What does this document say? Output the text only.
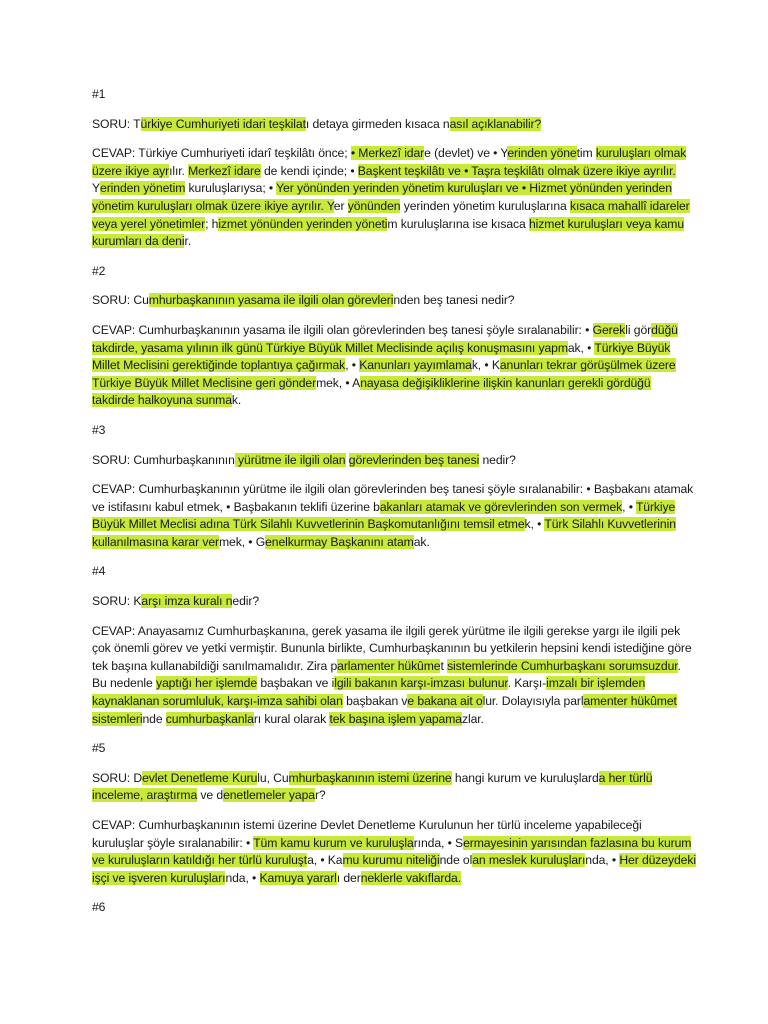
#1

SORU: Türkiye Cumhuriyeti idari teşkilatı detaya girmeden kısaca nasıl açıklanabilir?

CEVAP: Türkiye Cumhuriyeti idarî teşkilâtı önce; • Merkezî idare (devlet) ve • Yerinden yönetim kuruluşları olmak üzere ikiye ayrılır. Merkezî idare de kendi içinde; • Başkent teşkilâtı ve • Taşra teşkilâtı olmak üzere ikiye ayrılır. Yerinden yönetim kuruluşlarıysa; • Yer yönünden yerinden yönetim kuruluşları ve • Hizmet yönünden yerinden yönetim kuruluşları olmak üzere ikiye ayrılır. Yer yönünden yerinden yönetim kuruluşlarına kısaca mahallî idareler veya yerel yönetimler; hizmet yönünden yerinden yönetim kuruluşlarına ise kısaca hizmet kuruluşları veya kamu kurumları da denir.

#2

SORU: Cumhurbaşkanının yasama ile ilgili olan görevlerinden beş tanesi nedir?

CEVAP: Cumhurbaşkanının yasama ile ilgili olan görevlerinden beş tanesi şöyle sıralanabilir: • Gerekli gördüğü takdirde, yasama yılının ilk günü Türkiye Büyük Millet Meclisinde açılış konuşmasını yapmak, • Türkiye Büyük Millet Meclisini gerektiğinde toplantıya çağırmak, • Kanunları yayımlamak, • Kanunları tekrar görüşülmek üzere Türkiye Büyük Millet Meclisine geri göndermek, • Anayasa değişikliklerine ilişkin kanunları gerekli gördüğü takdirde halkoyuna sunmak.

#3

SORU: Cumhurbaşkanının yürütme ile ilgili olan görevlerinden beş tanesi nedir?

CEVAP: Cumhurbaşkanının yürütme ile ilgili olan görevlerinden beş tanesi şöyle sıralanabilir: • Başbakanı atamak ve istifasını kabul etmek, • Başbakanın teklifi üzerine bakanları atamak ve görevlerinden son vermek, • Türkiye Büyük Millet Meclisi adına Türk Silahlı Kuvvetlerinin Başkomutanlığını temsil etmek, • Türk Silahlı Kuvvetlerinin kullanılmasına karar vermek, • Genelkurmay Başkanını atamak.

#4

SORU: Karşı imza kuralı nedir?

CEVAP: Anayasamız Cumhurbaşkanına, gerek yasama ile ilgili gerek yürütme ile ilgili gerekse yargı ile ilgili pek çok önemli görev ve yetki vermiştir. Bununla birlikte, Cumhurbaşkanının bu yetkilerin hepsini kendi istediğine göre tek başına kullanabildiği sanılmamalıdır. Zira parlamenter hükûmet sistemlerinde Cumhurbaşkanı sorumsuzdur. Bu nedenle yaptığı her işlemde başbakan ve ilgili bakanın karşı-imzası bulunur. Karşı-imzalı bir işlemden kaynaklanan sorumluluk, karşı-imza sahibi olan başbakan ve bakana ait olur. Dolayısıyla parlamenter hükûmet sistemlerinde cumhurbaşkanları kural olarak tek başına işlem yapamazlar.

#5

SORU: Devlet Denetleme Kurulu, Cumhurbaşkanının istemi üzerine hangi kurum ve kuruluşlarda her türlü inceleme, araştırma ve denetlemeler yapar?

CEVAP: Cumhurbaşkanının istemi üzerine Devlet Denetleme Kurulunun her türlü inceleme yapabileceği kuruluşlar şöyle sıralanabilir: • Tüm kamu kurum ve kuruluşlarında, • Sermayesinin yarısından fazlasına bu kurum ve kuruluşların katıldığı her türlü kuruluşta, • Kamu kurumu niteliğinde olan meslek kuruluşlarında, • Her düzeydeki işçi ve işveren kuruluşlarında, • Kamuya yararlı derneklerle vakıflarda.

#6
